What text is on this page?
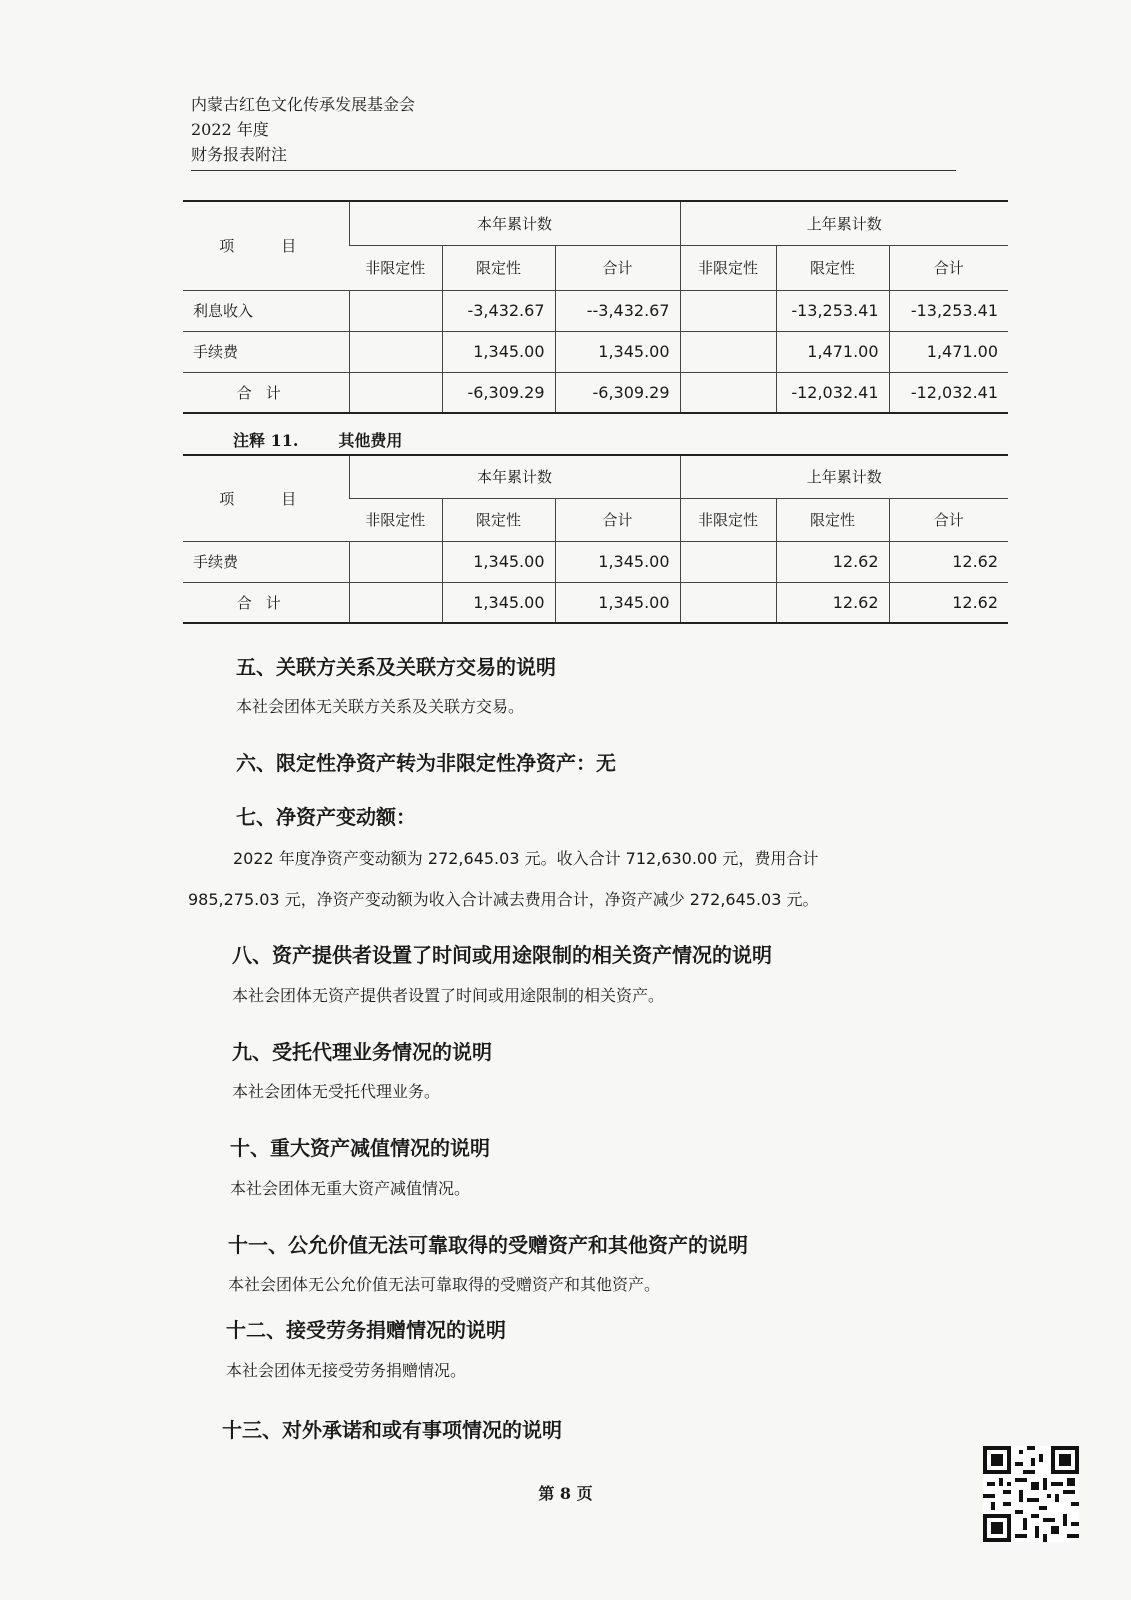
内蒙古红色文化传承发展基金会
2022 年度
财务报表附注
项　目	本年累计数			上年累计数		
	非限定性	限定性	合计	非限定性	限定性	合计
利息收入		-3,432.67	--3,432.67		-13,253.41	-13,253.41
手续费		1,345.00	1,345.00		1,471.00	1,471.00
合计		-6,309.29	-6,309.29		-12,032.41	-12,032.41
注释 11.	其他费用
项　目	本年累计数			上年累计数		
	非限定性	限定性	合计	非限定性	限定性	合计
手续费		1,345.00	1,345.00		12.62	12.62
合计		1,345.00	1,345.00		12.62	12.62
五、关联方关系及关联方交易的说明
本社会团体无关联方关系及关联方交易。
六、限定性净资产转为非限定性净资产：无
七、净资产变动额：
2022 年度净资产变动额为 272,645.03 元。收入合计 712,630.00 元，费用合计
985,275.03 元，净资产变动额为收入合计减去费用合计，净资产减少 272,645.03 元。
八、资产提供者设置了时间或用途限制的相关资产情况的说明
本社会团体无资产提供者设置了时间或用途限制的相关资产。
九、受托代理业务情况的说明
本社会团体无受托代理业务。
十、重大资产减值情况的说明
本社会团体无重大资产减值情况。
十一、公允价值无法可靠取得的受赠资产和其他资产的说明
本社会团体无公允价值无法可靠取得的受赠资产和其他资产。
十二、接受劳务捐赠情况的说明
本社会团体无接受劳务捐赠情况。
十三、对外承诺和或有事项情况的说明
第 8 页
